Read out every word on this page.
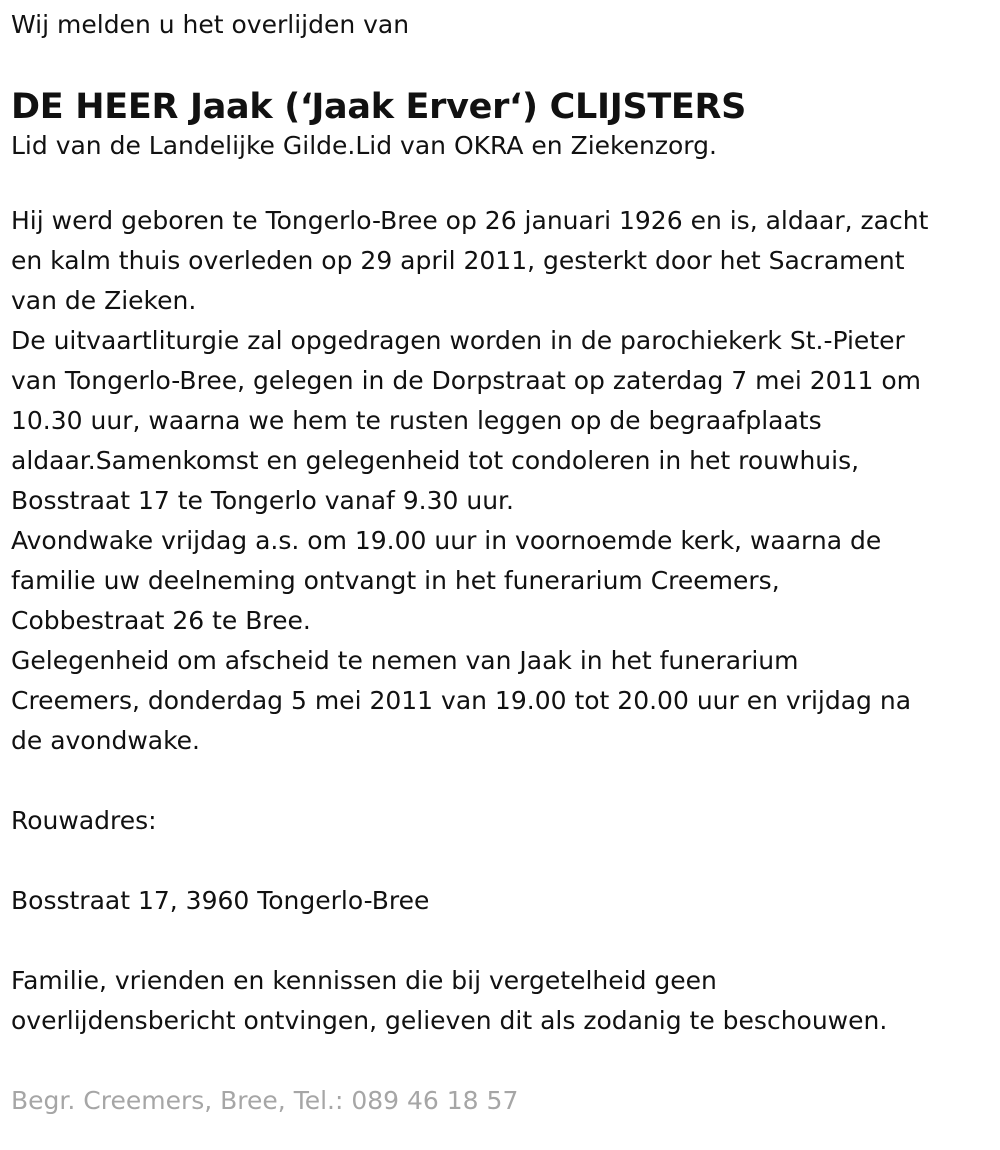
Wij melden u het overlijden van

DE HEER Jaak (‘Jaak Erver‘) CLIJSTERS

Lid van de Landelijke Gilde.Lid van OKRA en Ziekenzorg.

Hij werd geboren te Tongerlo-Bree op 26 januari 1926 en is, aldaar, zacht
en kalm thuis overleden op 29 april 2011, gesterkt door het Sacrament
van de Zieken.

De uitvaartliturgie zal opgedragen worden in de parochiekerk St.-Pieter
van Tongerlo-Bree, gelegen in de Dorpstraat op zaterdag 7 mei 2011 om
10.30 uur, waarna we hem te rusten leggen op de begraafplaats
aldaar.Samenkomst en gelegenheid tot condoleren in het rouwhuis,
Bosstraat 17 te Tongerlo vanaf 9.30 uur.

Avondwake vrijdag a.s. om 19.00 uur in voornoemde kerk, waarna de
familie uw deelneming ontvangt in het funerarium Creemers,
Cobbestraat 26 te Bree.

Gelegenheid om afscheid te nemen van Jaak in het funerarium
Creemers, donderdag 5 mei 2011 van 19.00 tot 20.00 uur en vrijdag na
de avondwake.

Rouwadres:

Bosstraat 17, 3960 Tongerlo-Bree

Familie, vrienden en kennissen die bij vergetelheid geen
overlijdensbericht ontvingen, gelieven dit als zodanig te beschouwen.

Begr. Creemers, Bree, Tel.: 089 46 18 57
